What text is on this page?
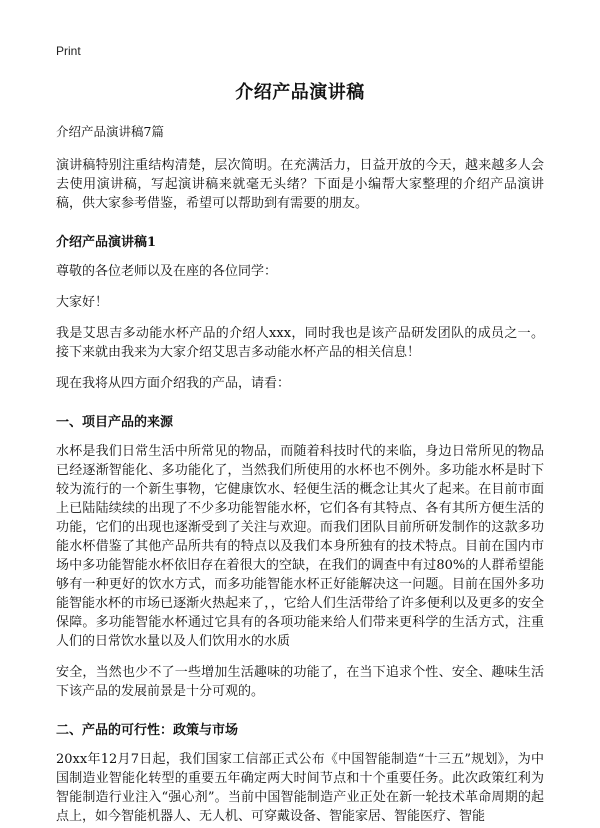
Print
介绍产品演讲稿
介绍产品演讲稿7篇

演讲稿特别注重结构清楚，层次简明。在充满活力，日益开放的今天，越来越多人会去使用演讲稿，写起演讲稿来就毫无头绪？下面是小编帮大家整理的介绍产品演讲稿，供大家参考借鉴，希望可以帮助到有需要的朋友。

介绍产品演讲稿1

尊敬的各位老师以及在座的各位同学：

大家好！

我是艾思吉多动能水杯产品的介绍人xxx，同时我也是该产品研发团队的成员之一。接下来就由我来为大家介绍艾思吉多动能水杯产品的相关信息！

现在我将从四方面介绍我的产品，请看：

一、项目产品的来源

水杯是我们日常生活中所常见的物品，而随着科技时代的来临，身边日常所见的物品已经逐渐智能化、多功能化了，当然我们所使用的水杯也不例外。多功能水杯是时下较为流行的一个新生事物，它健康饮水、轻便生活的概念让其火了起来。在目前市面上已陆陆续续的出现了不少多功能智能水杯，它们各有其特点、各有其所方便生活的功能，它们的出现也逐渐受到了关注与欢迎。而我们团队目前所研发制作的这款多功能水杯借鉴了其他产品所共有的特点以及我们本身所独有的技术特点。目前在国内市场中多功能智能水杯依旧存在着很大的空缺，在我们的调查中有过80%的人群希望能够有一种更好的饮水方式，而多功能智能水杯正好能解决这一问题。目前在国外多功能智能水杯的市场已逐渐火热起来了，，它给人们生活带给了许多便利以及更多的安全保障。多功能智能水杯通过它具有的各项功能来给人们带来更科学的生活方式，注重人们的日常饮水量以及人们饮用水的水质

安全，当然也少不了一些增加生活趣味的功能了，在当下追求个性、安全、趣味生活下该产品的发展前景是十分可观的。

二、产品的可行性：政策与市场

20xx年12月7日起，我们国家工信部正式公布《中国智能制造“十三五”规划》，为中国制造业智能化转型的重要五年确定两大时间节点和十个重要任务。此次政策红利为智能制造行业注入“强心剂”。当前中国智能制造产业正处在新一轮技术革命周期的起点上，如今智能机器人、无人机、可穿戴设备、智能家居、智能医疗、智能
